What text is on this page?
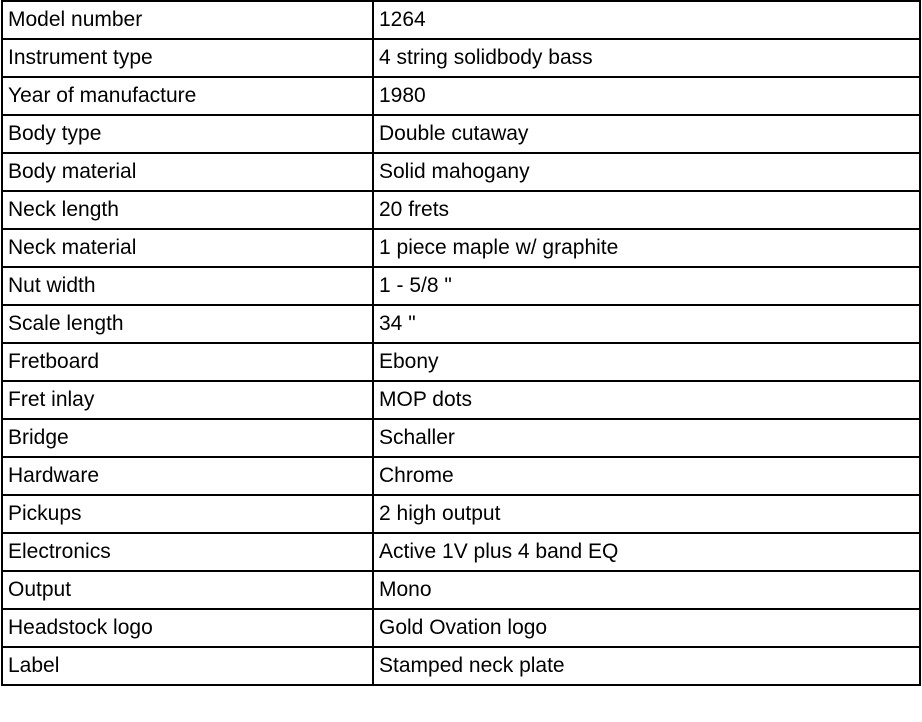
Model number	1264
Instrument type	4 string solidbody bass
Year of manufacture	1980
Body type	Double cutaway
Body material	Solid mahogany
Neck length	20 frets
Neck material	1 piece maple w/ graphite
Nut width	1 - 5/8 "
Scale length	34 "
Fretboard	Ebony
Fret inlay	MOP dots
Bridge	Schaller
Hardware	Chrome
Pickups	2 high output
Electronics	Active 1V plus 4 band EQ
Output	Mono
Headstock logo	Gold Ovation logo
Label	Stamped neck plate
